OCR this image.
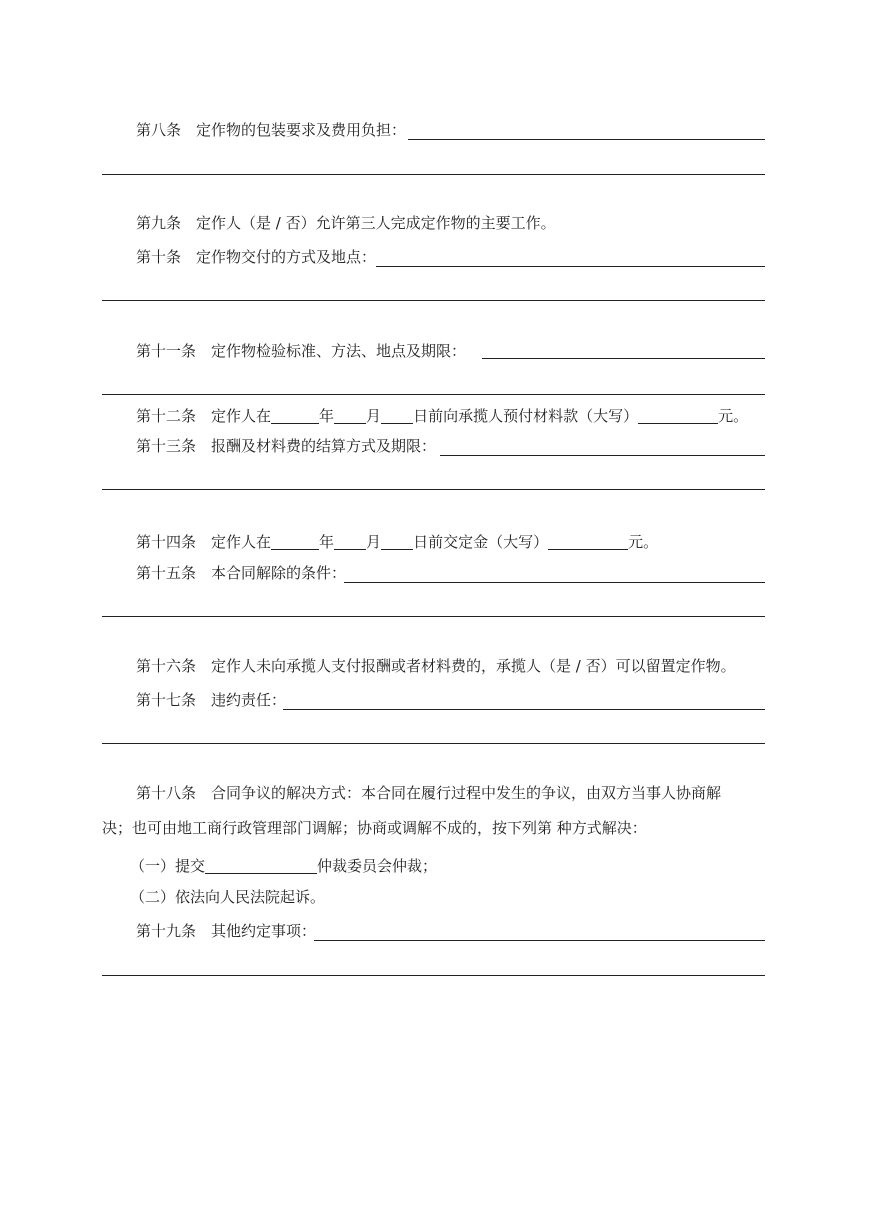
第八条 定作物的包装要求及费用负担：
第九条 定作人（是 / 否）允许第三人完成定作物的主要工作。
第十条 定作物交付的方式及地点：
第十一条 定作物检验标准、方法、地点及期限：
第十二条 定作人在	年 月 日前向承揽人预付材料款（大写）	元。
第十三条 报酬及材料费的结算方式及期限：
第十四条 定作人在	年 月 日前交定金（大写）	元。
第十五条 本合同解除的条件：
第十六条 定作人未向承揽人支付报酬或者材料费的，承揽人（是 / 否）可以留置定作物。
第十七条 违约责任：
第十八条 合同争议的解决方式：本合同在履行过程中发生的争议，由双方当事人协商解
决；也可由地工商行政管理部门调解；协商或调解不成的，按下列第 种方式解决：
（一）提交	仲裁委员会仲裁；
（二）依法向人民法院起诉。
第十九条 其他约定事项：
